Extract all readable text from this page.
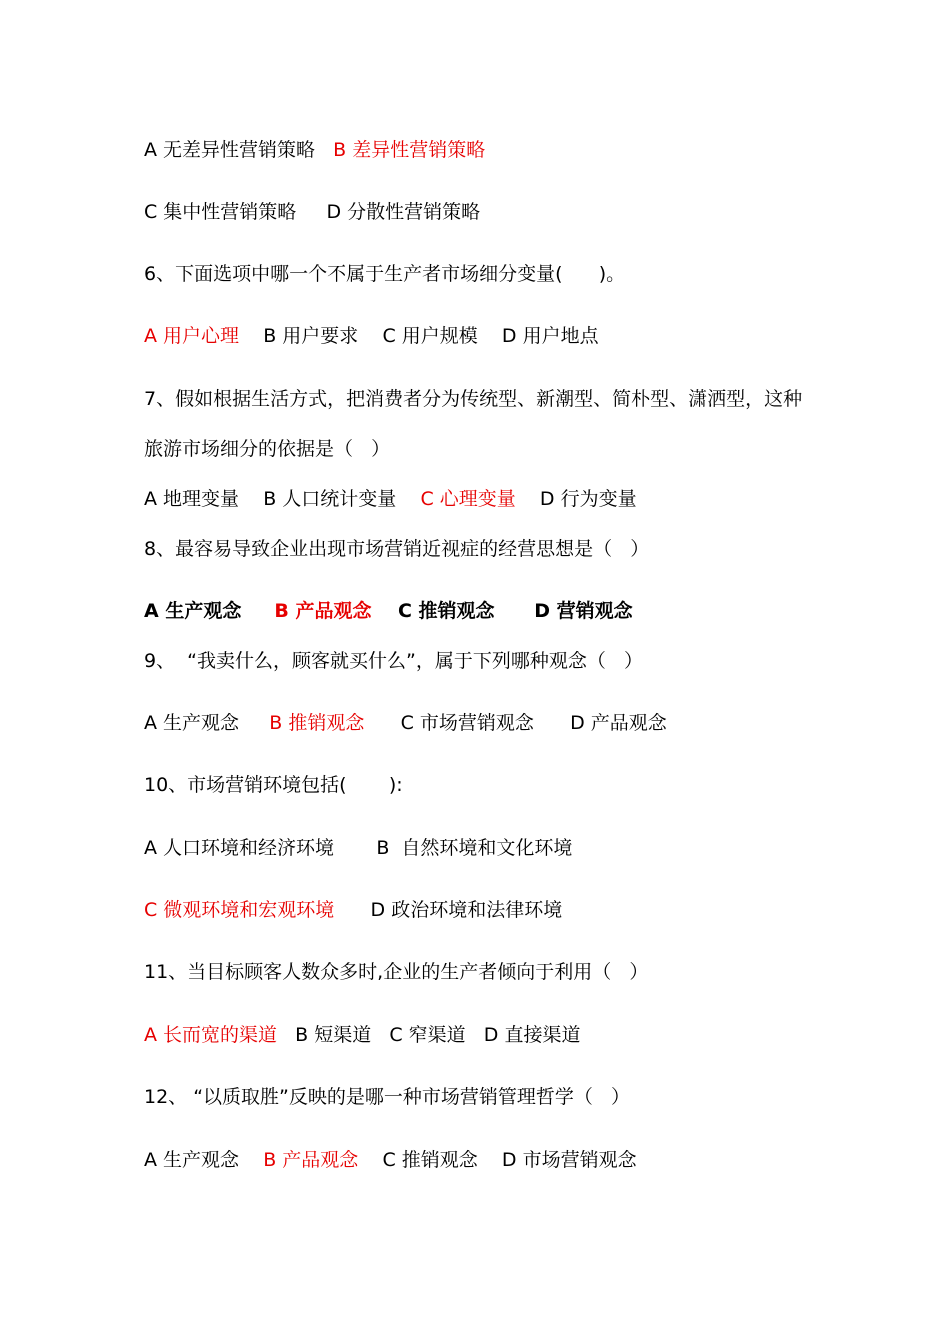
A 无差异性营销策略   B 差异性营销策略
C 集中性营销策略     D 分散性营销策略
6、下面选项中哪一个不属于生产者市场细分变量(      )。
A 用户心理    B 用户要求    C 用户规模    D 用户地点
7、假如根据生活方式，把消费者分为传统型、新潮型、简朴型、潇洒型，这种
旅游市场细分的依据是（   ）
A 地理变量    B 人口统计变量    C 心理变量    D 行为变量
8、最容易导致企业出现市场营销近视症的经营思想是（   ）
A 生产观念     B 产品观念    C 推销观念      D 营销观念
9、  “我卖什么，顾客就买什么”，属于下列哪种观念（   ）
A 生产观念     B 推销观念      C 市场营销观念      D 产品观念
10、市场营销环境包括(       ):
A 人口环境和经济环境       B  自然环境和文化环境
C 微观环境和宏观环境      D 政治环境和法律环境
11、当目标顾客人数众多时,企业的生产者倾向于利用（   ）
A 长而宽的渠道   B 短渠道   C 窄渠道   D 直接渠道
12、 “以质取胜”反映的是哪一种市场营销管理哲学（   ）
A 生产观念    B 产品观念    C 推销观念    D 市场营销观念
